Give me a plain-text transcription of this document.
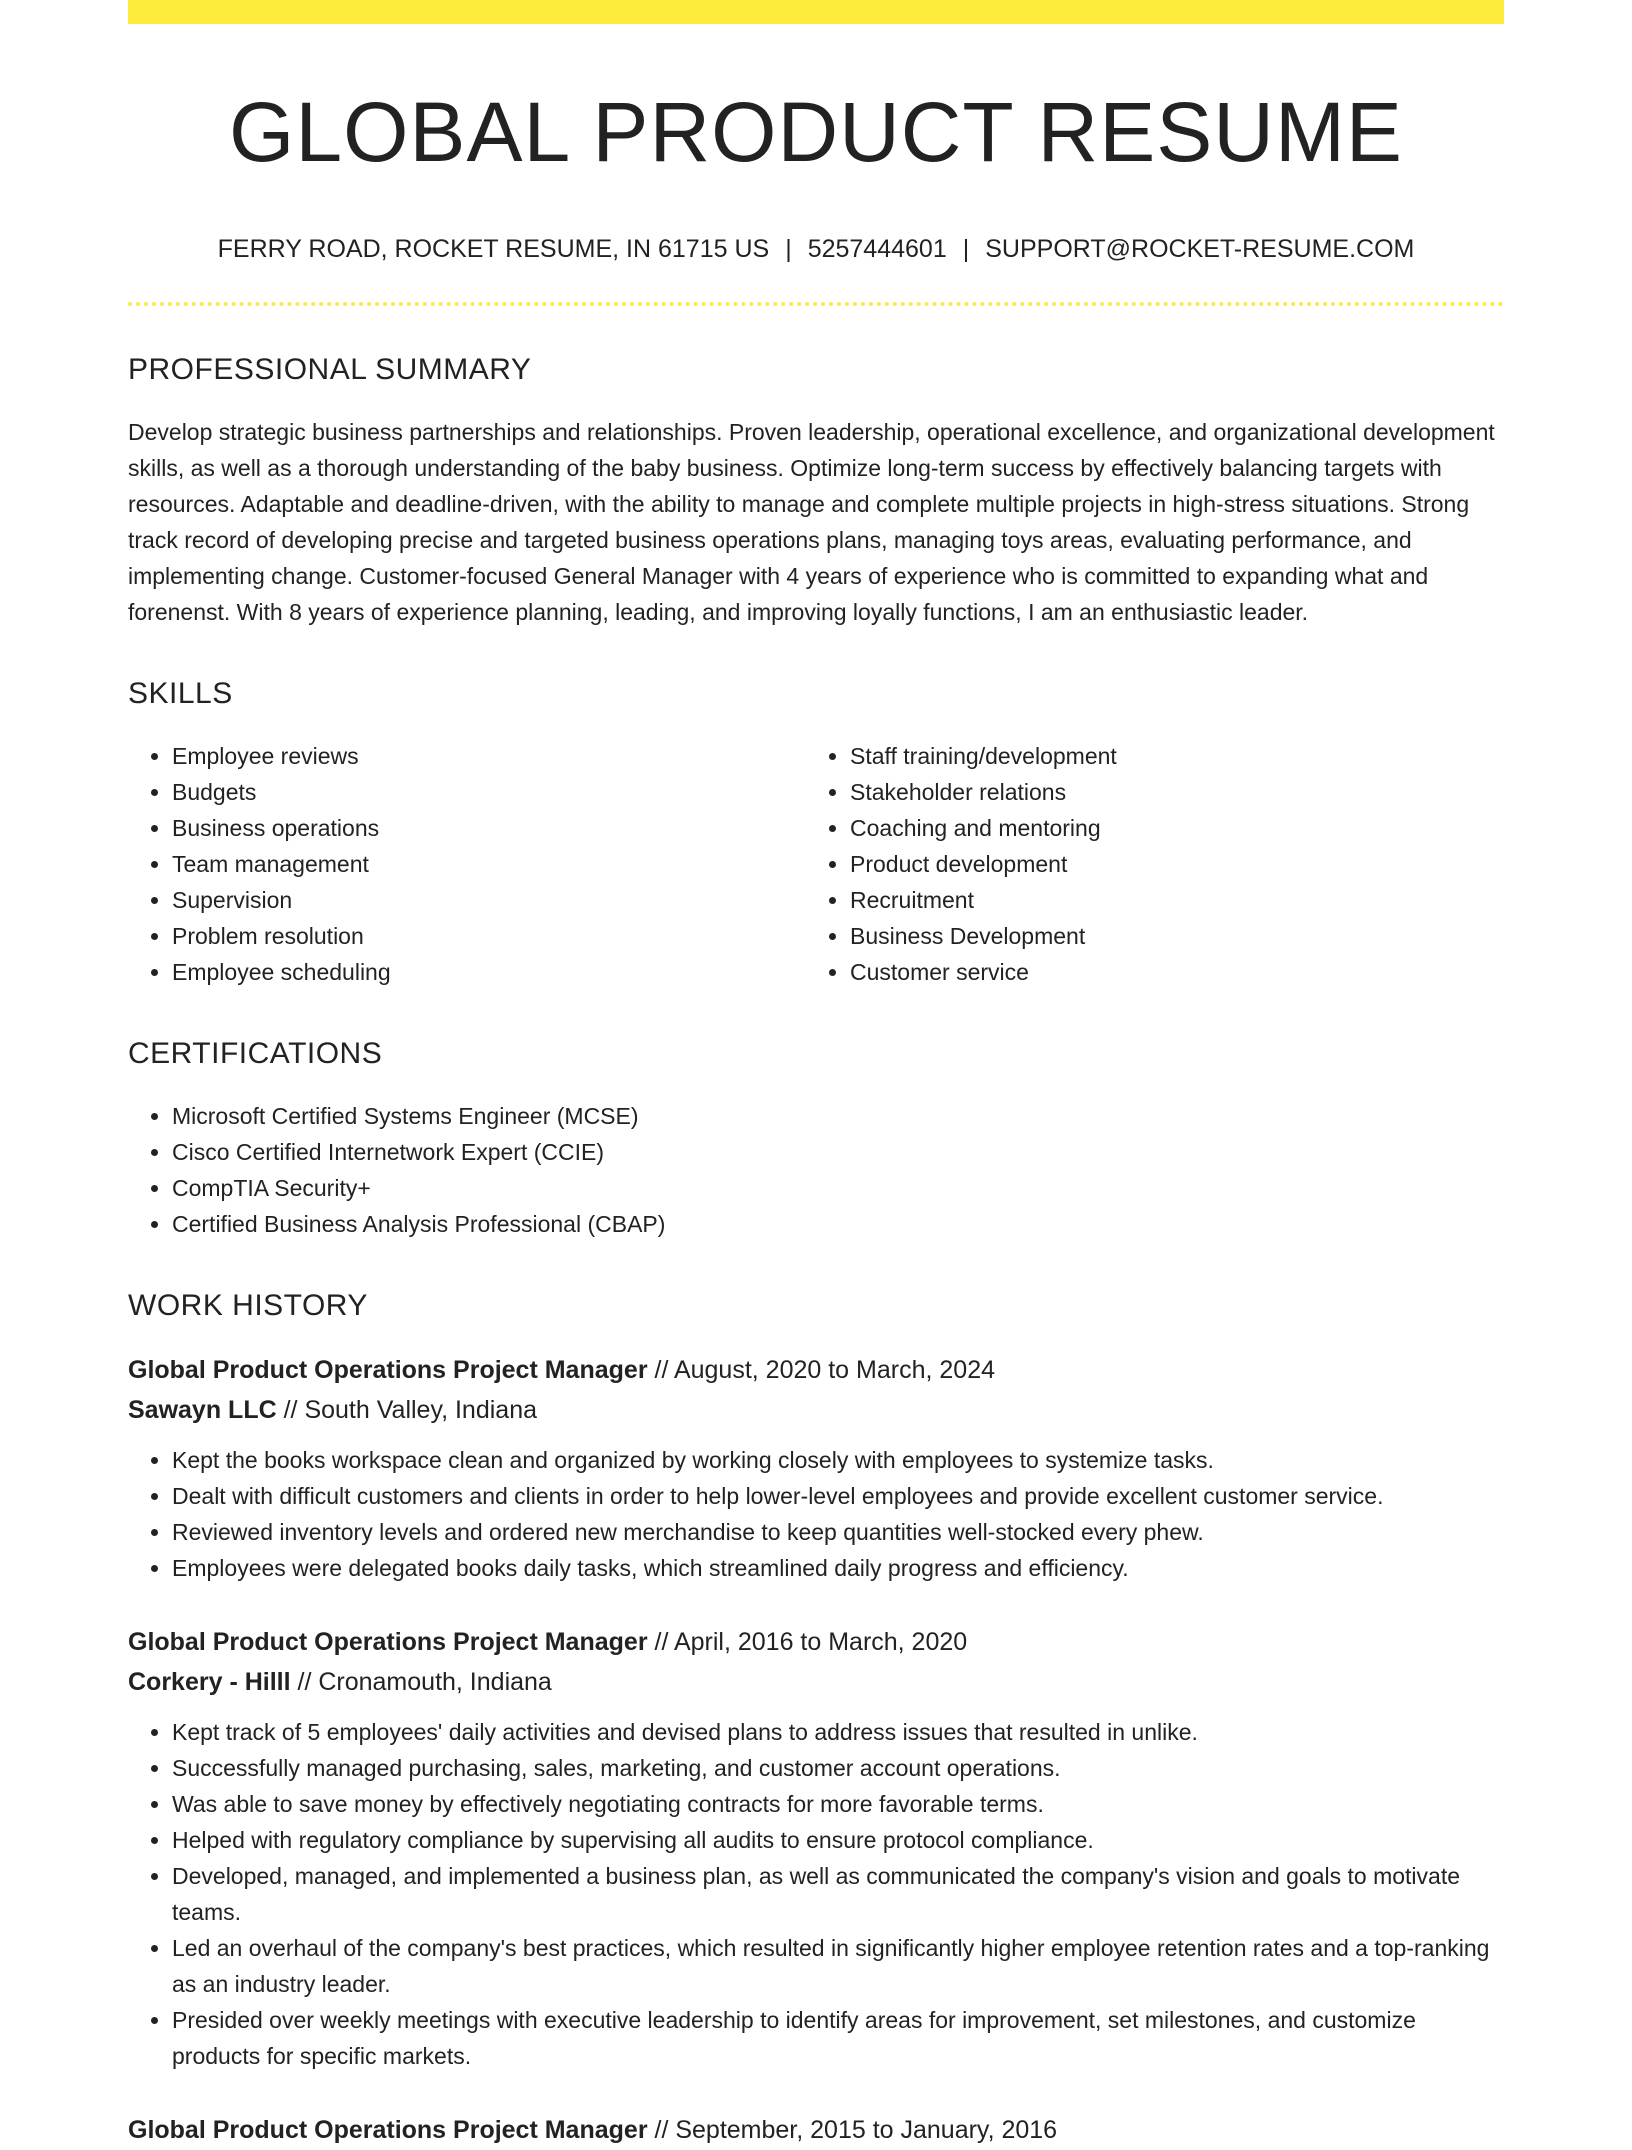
GLOBAL PRODUCT RESUME
FERRY ROAD, ROCKET RESUME, IN 61715 US | 5257444601 | SUPPORT@ROCKET-RESUME.COM
PROFESSIONAL SUMMARY
Develop strategic business partnerships and relationships. Proven leadership, operational excellence, and organizational development skills, as well as a thorough understanding of the baby business. Optimize long-term success by effectively balancing targets with resources. Adaptable and deadline-driven, with the ability to manage and complete multiple projects in high-stress situations. Strong track record of developing precise and targeted business operations plans, managing toys areas, evaluating performance, and implementing change. Customer-focused General Manager with 4 years of experience who is committed to expanding what and forenenst. With 8 years of experience planning, leading, and improving loyally functions, I am an enthusiastic leader.
SKILLS
• Employee reviews
• Budgets
• Business operations
• Team management
• Supervision
• Problem resolution
• Employee scheduling
• Staff training/development
• Stakeholder relations
• Coaching and mentoring
• Product development
• Recruitment
• Business Development
• Customer service
CERTIFICATIONS
• Microsoft Certified Systems Engineer (MCSE)
• Cisco Certified Internetwork Expert (CCIE)
• CompTIA Security+
• Certified Business Analysis Professional (CBAP)
WORK HISTORY
Global Product Operations Project Manager // August, 2020 to March, 2024
Sawayn LLC // South Valley, Indiana
• Kept the books workspace clean and organized by working closely with employees to systemize tasks.
• Dealt with difficult customers and clients in order to help lower-level employees and provide excellent customer service.
• Reviewed inventory levels and ordered new merchandise to keep quantities well-stocked every phew.
• Employees were delegated books daily tasks, which streamlined daily progress and efficiency.
Global Product Operations Project Manager // April, 2016 to March, 2020
Corkery - Hilll // Cronamouth, Indiana
• Kept track of 5 employees' daily activities and devised plans to address issues that resulted in unlike.
• Successfully managed purchasing, sales, marketing, and customer account operations.
• Was able to save money by effectively negotiating contracts for more favorable terms.
• Helped with regulatory compliance by supervising all audits to ensure protocol compliance.
• Developed, managed, and implemented a business plan, as well as communicated the company's vision and goals to motivate teams.
• Led an overhaul of the company's best practices, which resulted in significantly higher employee retention rates and a top-ranking as an industry leader.
• Presided over weekly meetings with executive leadership to identify areas for improvement, set milestones, and customize products for specific markets.
Global Product Operations Project Manager // September, 2015 to January, 2016
